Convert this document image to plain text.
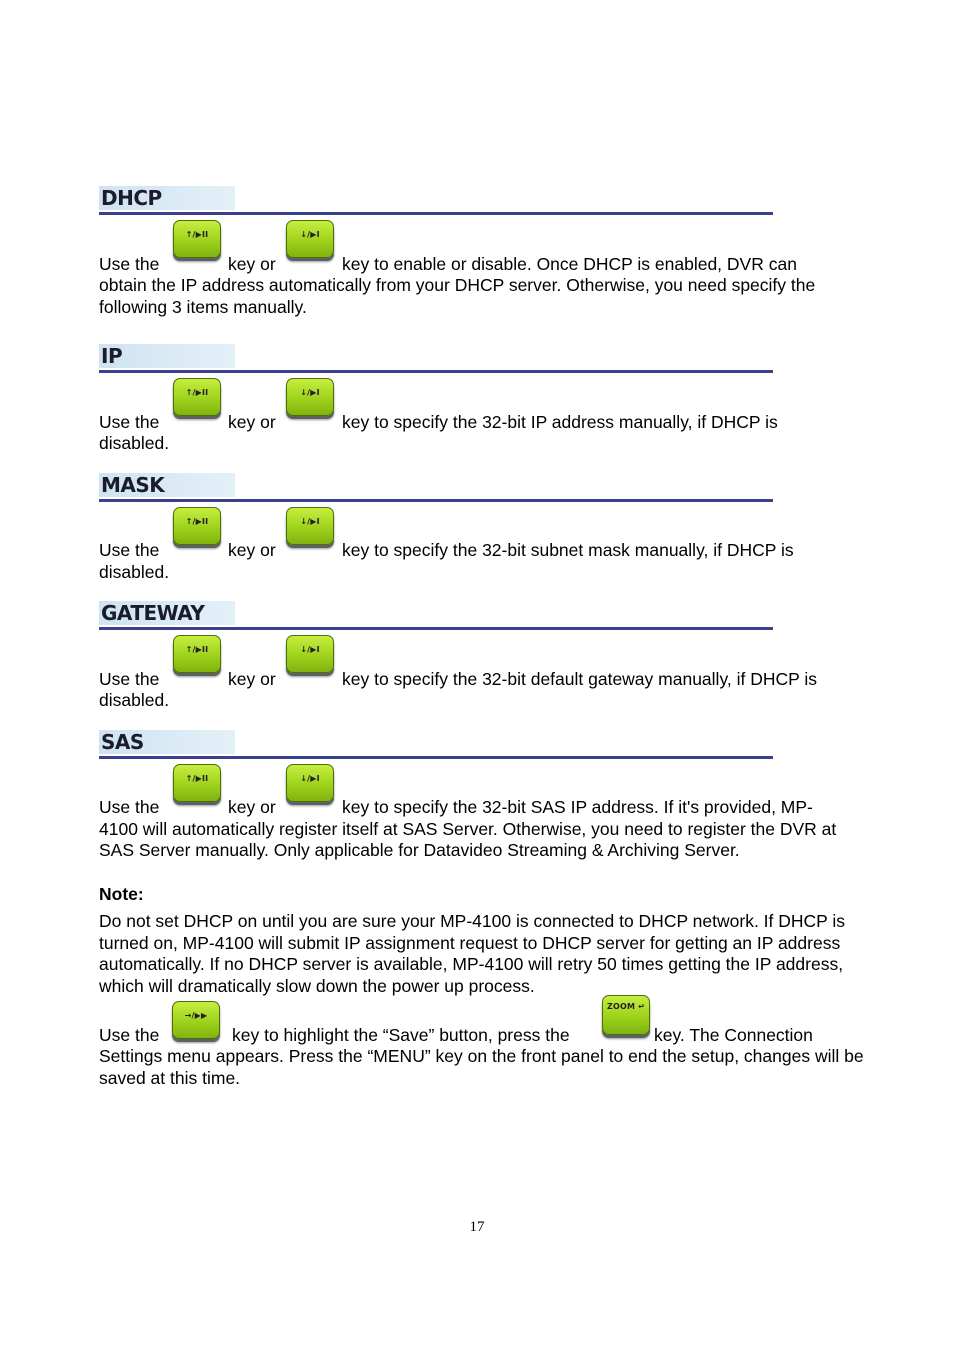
DHCP
Use the
↑/▶II
key or
↓/▶I
key to enable or disable. Once DHCP is enabled, DVR can

obtain the IP address automatically from your DHCP server. Otherwise, you need specify the following 3 items manually.

IP
Use the
↑/▶II
key or
↓/▶I
key to specify the 32-bit IP address manually, if DHCP is

disabled.

MASK
Use the
↑/▶II
key or
↓/▶I
key to specify the 32-bit subnet mask manually, if DHCP is

disabled.

GATEWAY
Use the
↑/▶II
key or
↓/▶I
key to specify the 32-bit default gateway manually, if DHCP is

disabled.

SAS
Use the
↑/▶II
key or
↓/▶I
key to specify the 32-bit SAS IP address. If it's provided, MP-

4100 will automatically register itself at SAS Server. Otherwise, you need to register the DVR at SAS Server manually. Only applicable for Datavideo Streaming & Archiving Server.

Note:

Do not set DHCP on until you are sure your MP-4100 is connected to DHCP network. If DHCP is turned on, MP-4100 will submit IP assignment request to DHCP server for getting an IP address automatically. If no DHCP server is available, MP-4100 will retry 50 times getting the IP address, which will dramatically slow down the power up process.

Use the
→/▶▶
key to highlight the “Save” button, press the
ZOOM ↵
key. The Connection

Settings menu appears. Press the “MENU” key on the front panel to end the setup, changes will be saved at this time.

17
